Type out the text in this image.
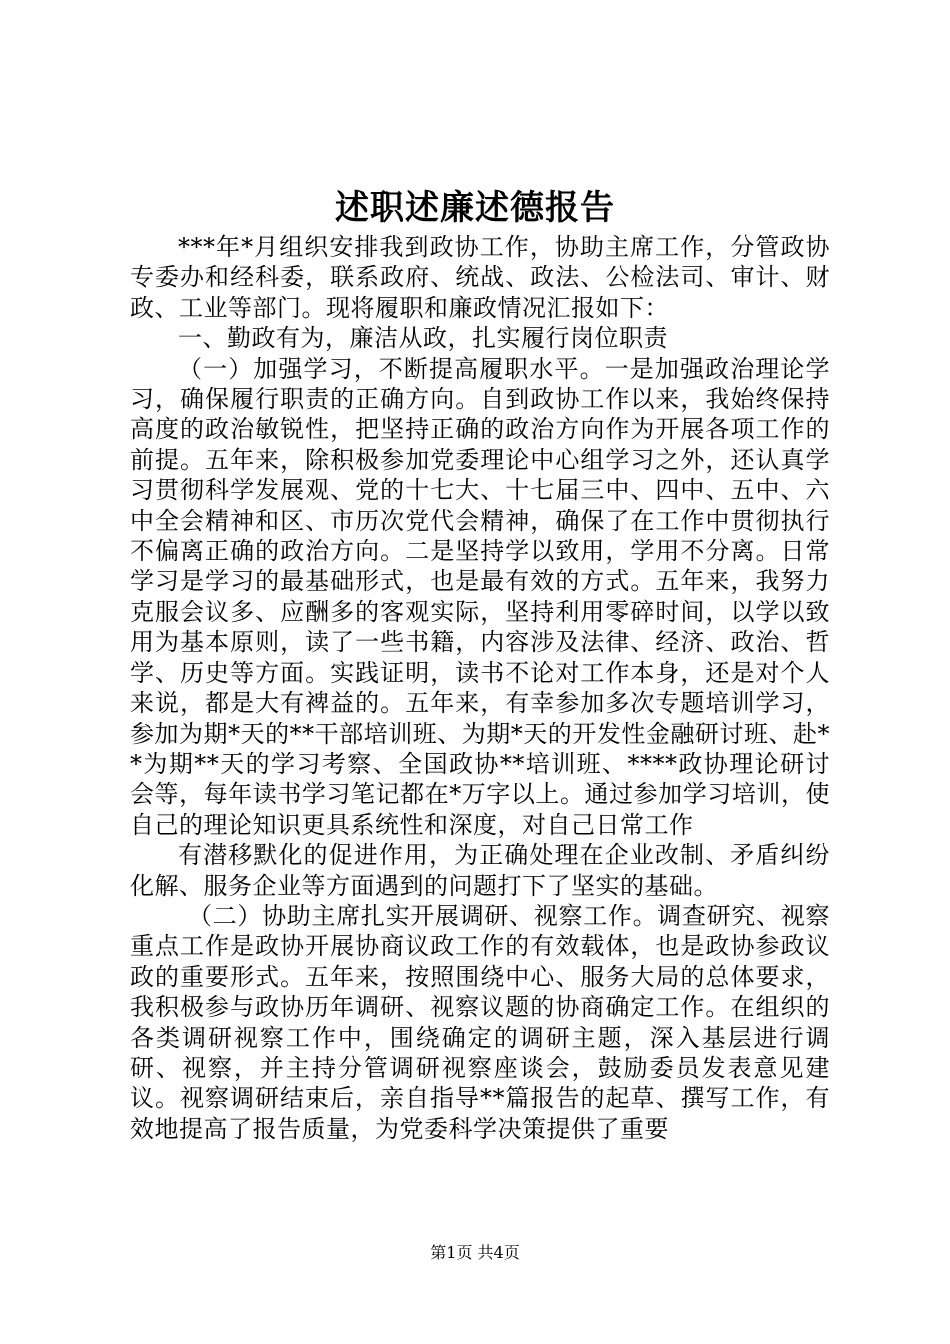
述职述廉述德报告

***年*月组织安排我到政协工作，协助主席工作，分管政协专委办和经科委，联系政府、统战、政法、公检法司、审计、财政、工业等部门。现将履职和廉政情况汇报如下：

一、勤政有为，廉洁从政，扎实履行岗位职责

（一）加强学习，不断提高履职水平。一是加强政治理论学习，确保履行职责的正确方向。自到政协工作以来，我始终保持高度的政治敏锐性，把坚持正确的政治方向作为开展各项工作的前提。五年来，除积极参加党委理论中心组学习之外，还认真学习贯彻科学发展观、党的十七大、十七届三中、四中、五中、六中全会精神和区、市历次党代会精神，确保了在工作中贯彻执行不偏离正确的政治方向。二是坚持学以致用，学用不分离。日常学习是学习的最基础形式，也是最有效的方式。五年来，我努力克服会议多、应酬多的客观实际，坚持利用零碎时间，以学以致用为基本原则，读了一些书籍，内容涉及法律、经济、政治、哲学、历史等方面。实践证明，读书不论对工作本身，还是对个人来说，都是大有裨益的。五年来，有幸参加多次专题培训学习，参加为期*天的**干部培训班、为期*天的开发性金融研讨班、赴**为期**天的学习考察、全国政协**培训班、****政协理论研讨会等，每年读书学习笔记都在*万字以上。通过参加学习培训，使自己的理论知识更具系统性和深度，对自己日常工作

有潜移默化的促进作用，为正确处理在企业改制、矛盾纠纷化解、服务企业等方面遇到的问题打下了坚实的基础。

（二）协助主席扎实开展调研、视察工作。调查研究、视察重点工作是政协开展协商议政工作的有效载体，也是政协参政议政的重要形式。五年来，按照围绕中心、服务大局的总体要求，我积极参与政协历年调研、视察议题的协商确定工作。在组织的各类调研视察工作中，围绕确定的调研主题，深入基层进行调研、视察，并主持分管调研视察座谈会，鼓励委员发表意见建议。视察调研结束后，亲自指导**篇报告的起草、撰写工作，有效地提高了报告质量，为党委科学决策提供了重要

第1页 共4页
